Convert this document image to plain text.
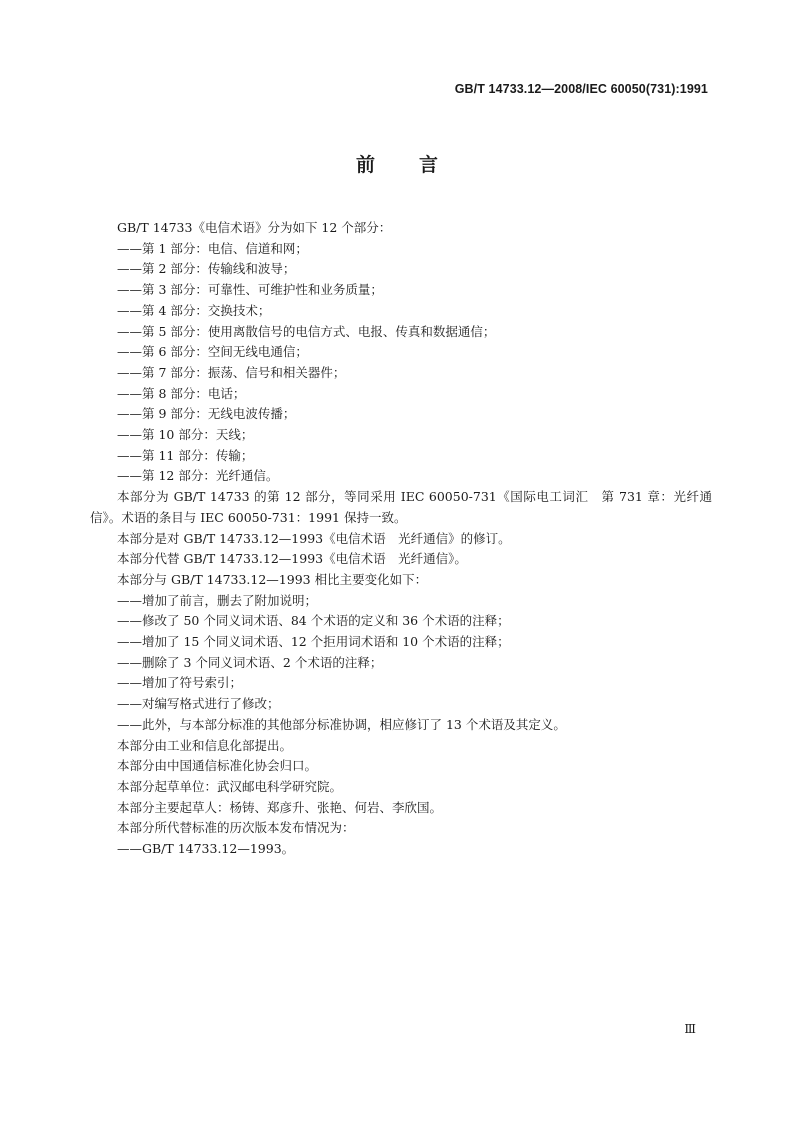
GB/T 14733.12—2008/IEC 60050(731):1991
前言

GB/T 14733《电信术语》分为如下 12 个部分：

——第 1 部分：电信、信道和网；

——第 2 部分：传输线和波导；

——第 3 部分：可靠性、可维护性和业务质量；

——第 4 部分：交换技术；

——第 5 部分：使用离散信号的电信方式、电报、传真和数据通信；

——第 6 部分：空间无线电通信；

——第 7 部分：振荡、信号和相关器件；

——第 8 部分：电话；

——第 9 部分：无线电波传播；

——第 10 部分：天线；

——第 11 部分：传输；

——第 12 部分：光纤通信。

本部分为 GB/T 14733 的第 12 部分，等同采用 IEC 60050-731《国际电工词汇　第 731 章：光纤通信》。术语的条目与 IEC 60050-731：1991 保持一致。

本部分是对 GB/T 14733.12—1993《电信术语　光纤通信》的修订。

本部分代替 GB/T 14733.12—1993《电信术语　光纤通信》。

本部分与 GB/T 14733.12—1993 相比主要变化如下：

——增加了前言，删去了附加说明；

——修改了 50 个同义词术语、84 个术语的定义和 36 个术语的注释；

——增加了 15 个同义词术语、12 个拒用词术语和 10 个术语的注释；

——删除了 3 个同义词术语、2 个术语的注释；

——增加了符号索引；

——对编写格式进行了修改；

——此外，与本部分标准的其他部分标准协调，相应修订了 13 个术语及其定义。

本部分由工业和信息化部提出。

本部分由中国通信标准化协会归口。

本部分起草单位：武汉邮电科学研究院。

本部分主要起草人：杨铸、郑彦升、张艳、何岩、李欣国。

本部分所代替标准的历次版本发布情况为：

——GB/T 14733.12—1993。

Ⅲ
